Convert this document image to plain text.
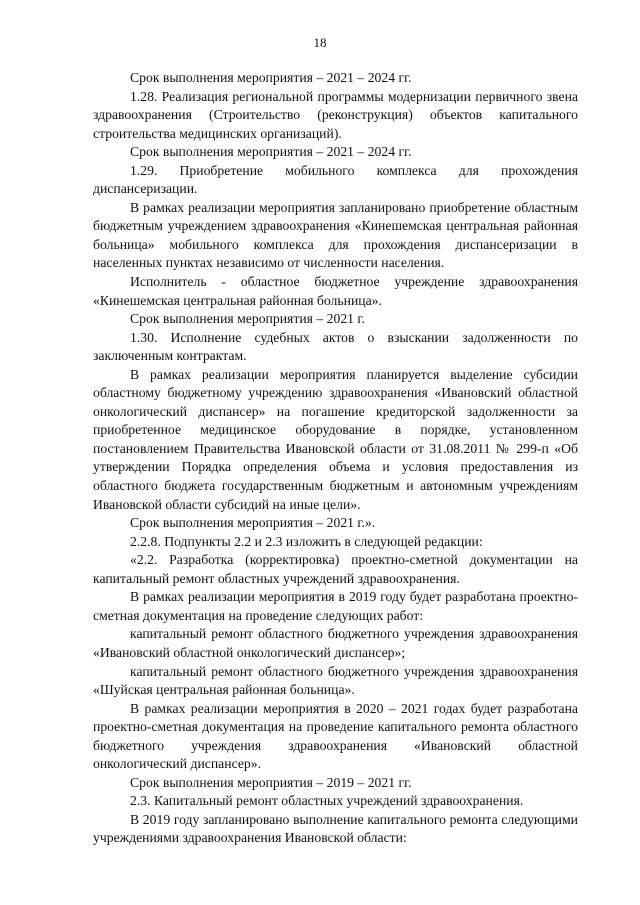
18

Срок выполнения мероприятия – 2021 – 2024 гг.

1.28. Реализация региональной программы модернизации первичного звена здравоохранения (Строительство (реконструкция) объектов капитального строительства медицинских организаций).

Срок выполнения мероприятия – 2021 – 2024 гг.

1.29. Приобретение мобильного комплекса для прохождения диспансеризации.

В рамках реализации мероприятия запланировано приобретение областным бюджетным учреждением здравоохранения «Кинешемская центральная районная больница» мобильного комплекса для прохождения диспансеризации в населенных пунктах независимо от численности населения.

Исполнитель - областное бюджетное учреждение здравоохранения «Кинешемская центральная районная больница».

Срок выполнения мероприятия – 2021 г.

1.30. Исполнение судебных актов о взыскании задолженности по заключенным контрактам.

В рамках реализации мероприятия планируется выделение субсидии областному бюджетному учреждению здравоохранения «Ивановский областной онкологический диспансер» на погашение кредиторской задолженности за приобретенное медицинское оборудование в порядке, установленном постановлением Правительства Ивановской области от 31.08.2011 № 299-п «Об утверждении Порядка определения объема и условия предоставления из областного бюджета государственным бюджетным и автономным учреждениям Ивановской области субсидий на иные цели».

Срок выполнения мероприятия – 2021 г.».

2.2.8. Подпункты 2.2 и 2.3 изложить в следующей редакции:

«2.2. Разработка (корректировка) проектно-сметной документации на капитальный ремонт областных учреждений здравоохранения.

В рамках реализации мероприятия в 2019 году будет разработана проектно-сметная документация на проведение следующих работ:

капитальный ремонт областного бюджетного учреждения здравоохранения «Ивановский областной онкологический диспансер»;

капитальный ремонт областного бюджетного учреждения здравоохранения «Шуйская центральная районная больница».

В рамках реализации мероприятия в 2020 – 2021 годах будет разработана проектно-сметная документация на проведение капитального ремонта областного бюджетного учреждения здравоохранения «Ивановский областной онкологический диспансер».

Срок выполнения мероприятия – 2019 – 2021 гг.

2.3. Капитальный ремонт областных учреждений здравоохранения.

В 2019 году запланировано выполнение капитального ремонта следующими учреждениями здравоохранения Ивановской области:
